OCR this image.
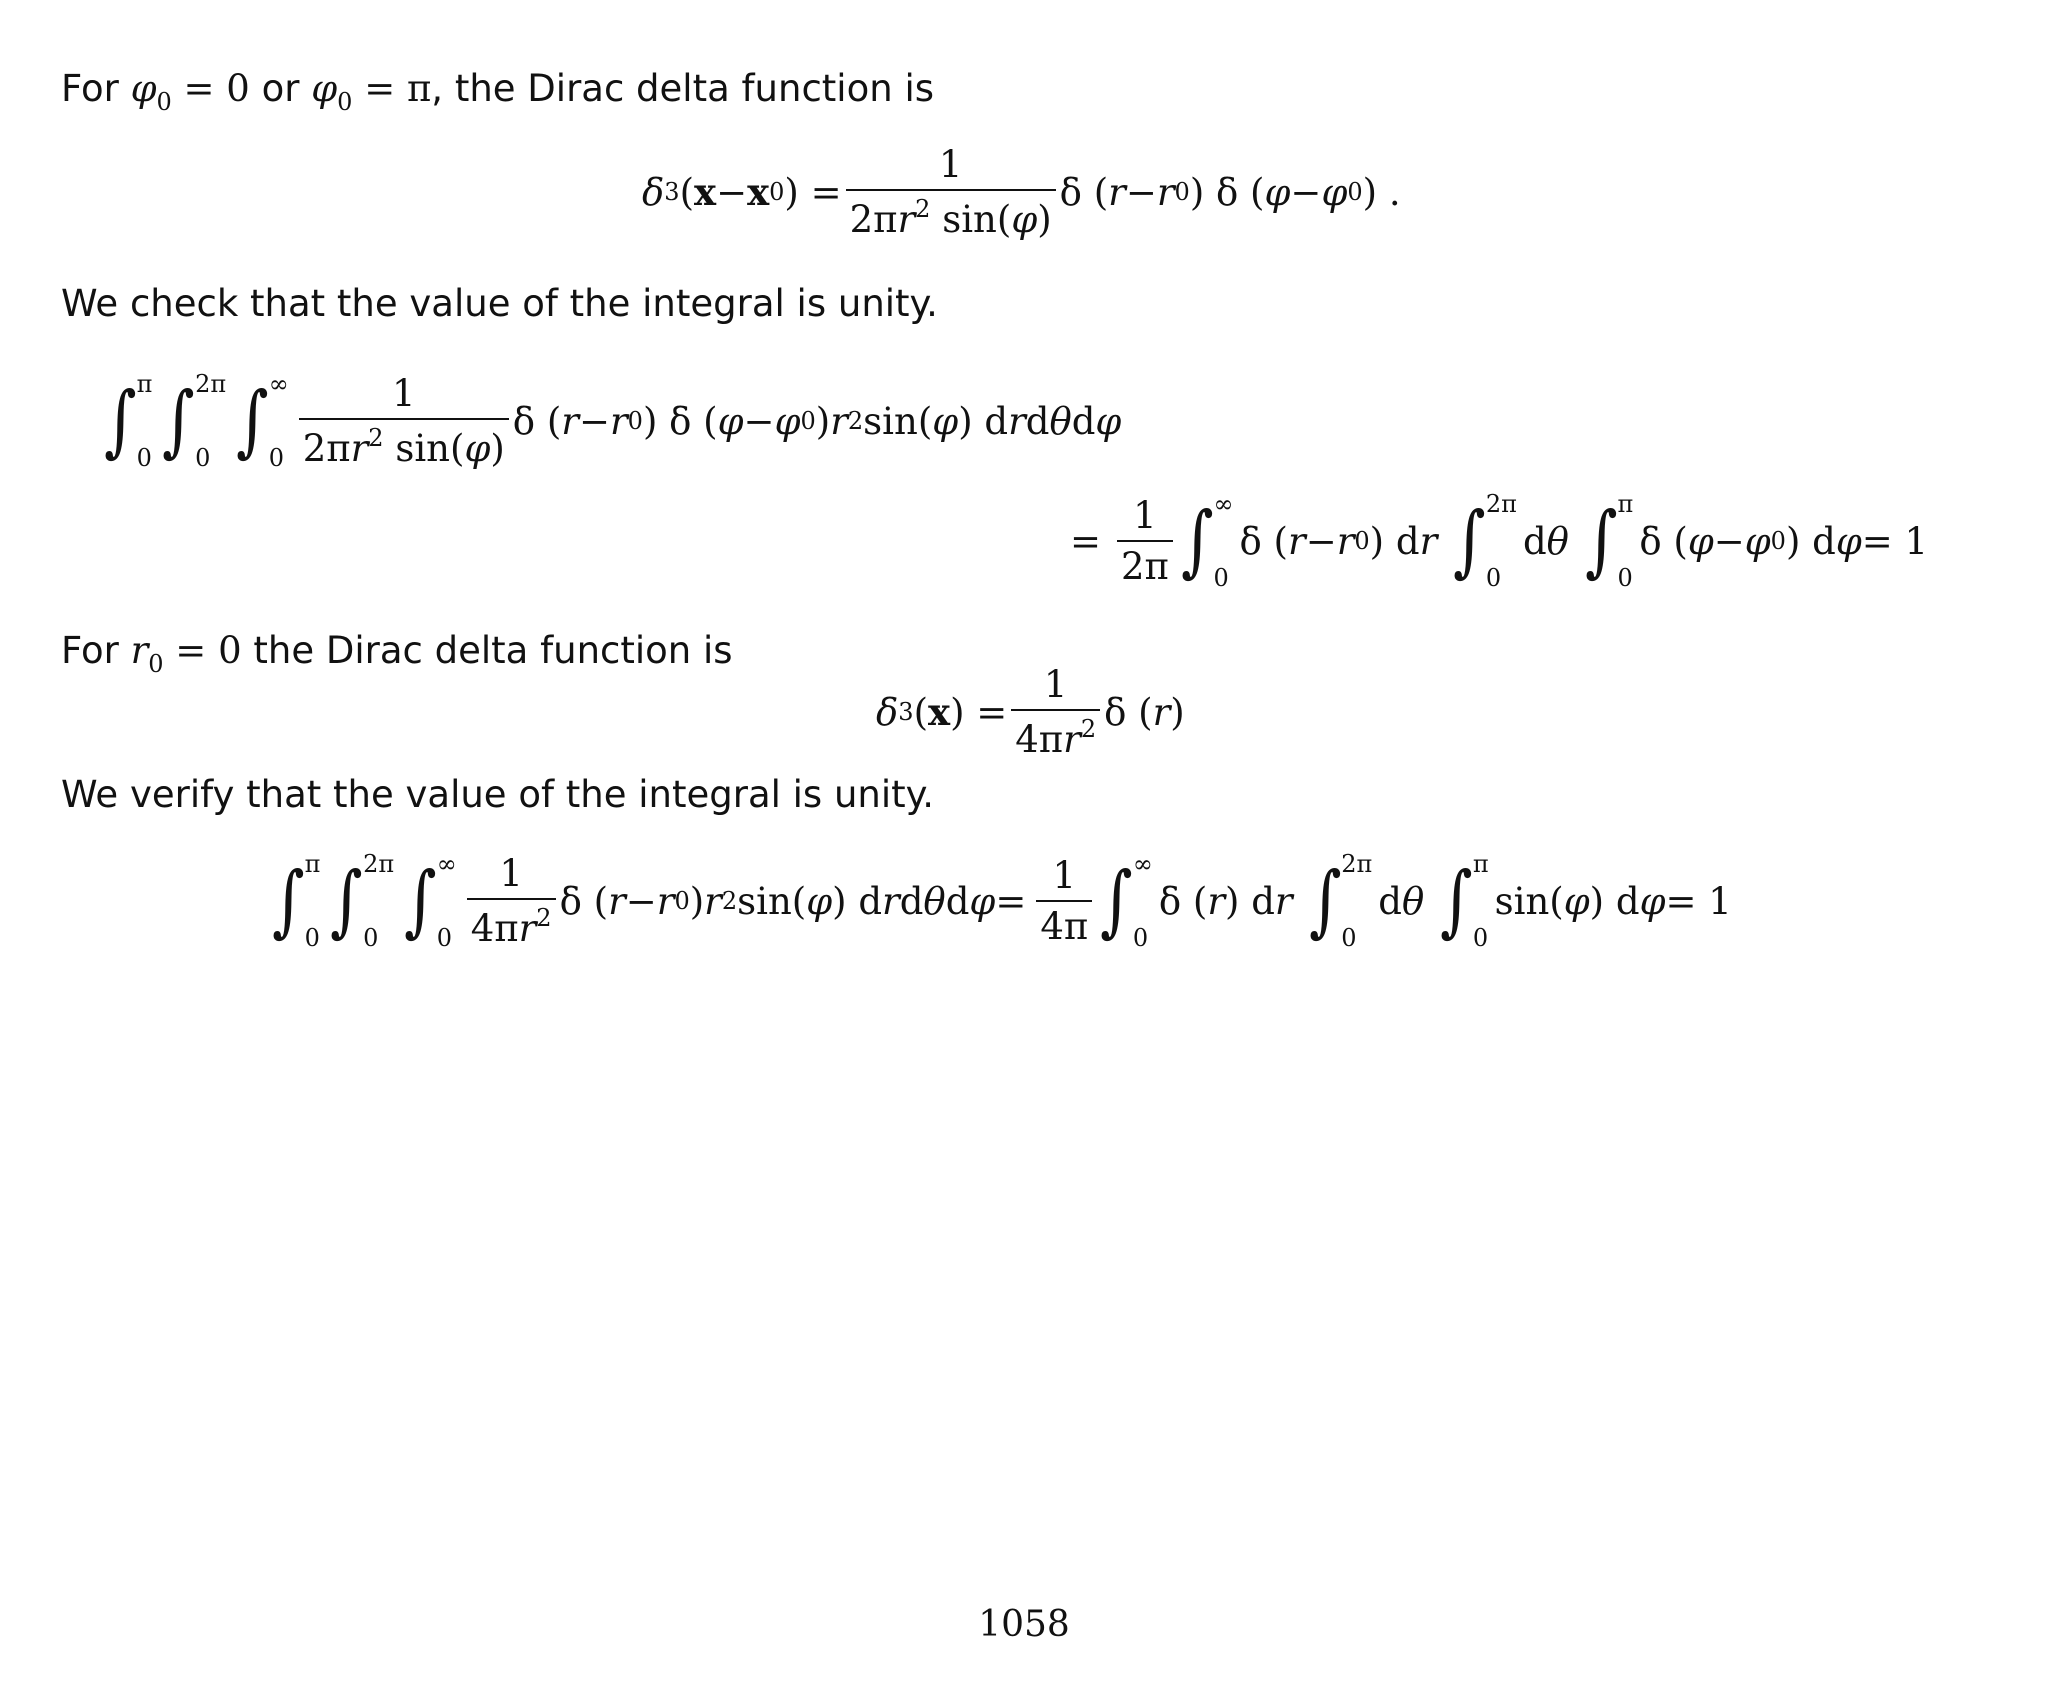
For $\varphi_0 = 0$ or $\varphi_0 = \pi$, the Dirac delta function is
δ 3 ( x − x 0 ) = $\frac{1}{2\pi r^2 \sin(\varphi)}$ δ ( r − r 0 ) δ ( φ − φ 0 ) .
We check that the value of the integral is unity.
∫ π
0 ∫ 2π
0 ∫ ∞
$0 \frac{1}{2\pi r^2 \sin(\varphi)}$ δ ( r − r 0 ) δ ( φ − φ 0 ) r 2 sin( φ ) d r d θ d φ
= $\frac{1}{2\pi}$ ∫ ∞
0
δ ( r − r 0 ) d r ∫ 2π
0
d θ ∫ π
0
δ ( φ − φ 0 ) d φ = 1
For $r_0 = 0$ the Dirac delta function is
δ 3 ( x ) = $\frac{1}{4\pi r^2}$ δ ( r )
We verify that the value of the integral is unity.
∫ π
0 ∫ 2π
0 ∫ ∞
$0 \frac{1}{4\pi r^2}$ δ ( r − r 0 ) r 2 sin( φ ) d r d θ d $\varphi = \frac{1}{4\pi}$ ∫ ∞
0
δ ( r ) d r ∫ 2π
0
d θ ∫ π
0
sin( φ ) d φ = 1
1058
